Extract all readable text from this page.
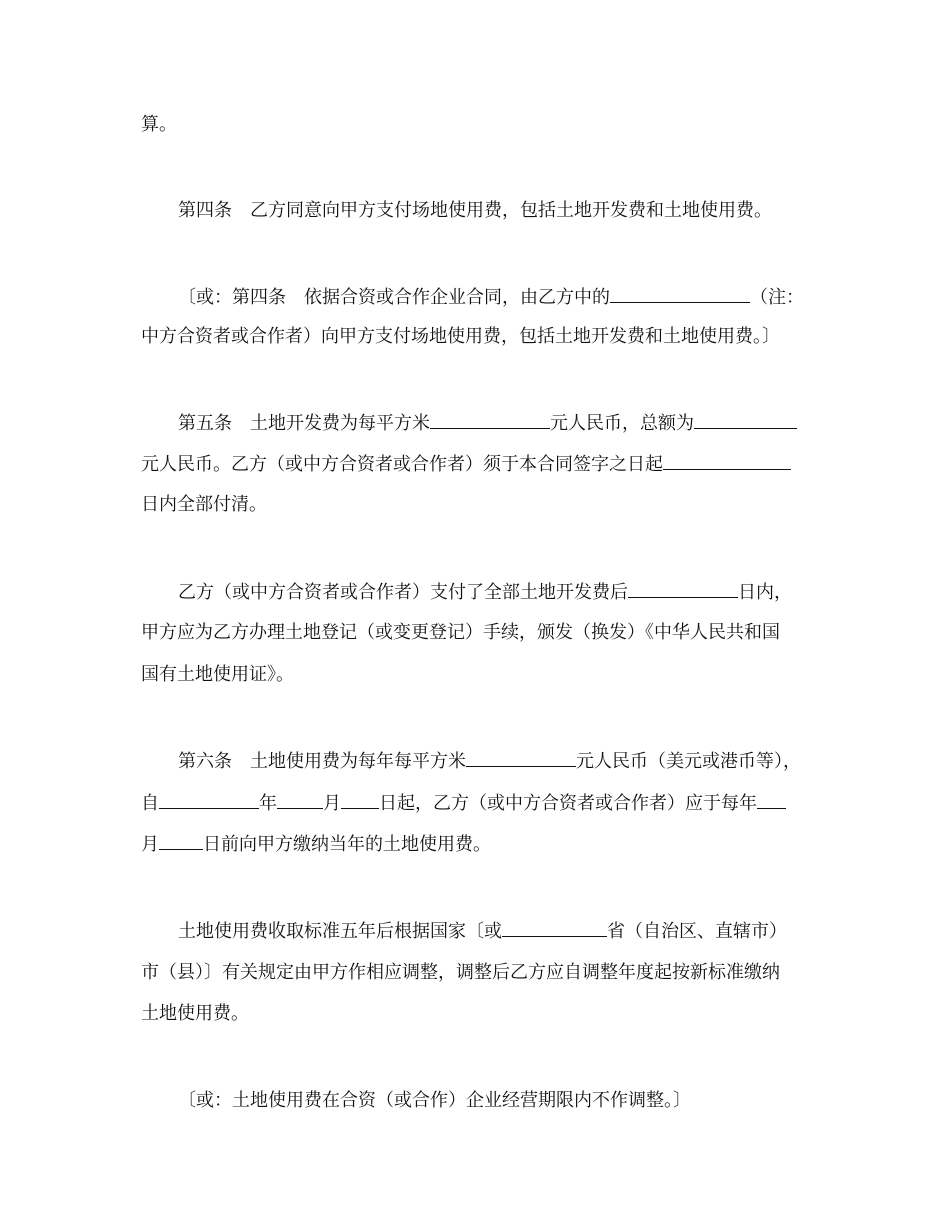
算。
第四条 乙方同意向甲方支付场地使用费，包括土地开发费和土地使用费。
〔或：第四条 依据合资或合作企业合同，由乙方中的	（注：
中方合资者或合作者）向甲方支付场地使用费，包括土地开发费和土地使用费。〕
第五条 土地开发费为每平方米	元人民币，总额为
元人民币。乙方（或中方合资者或合作者）须于本合同签字之日起
日内全部付清。
乙方（或中方合资者或合作者）支付了全部土地开发费后	日内，
甲方应为乙方办理土地登记（或变更登记）手续，颁发（换发）《中华人民共和国
国有土地使用证》。
第六条 土地使用费为每年每平方米	元人民币（美元或港币等），
自	年	月 日起，乙方（或中方合资者或合作者）应于每年
月 日前向甲方缴纳当年的土地使用费。
土地使用费收取标准五年后根据国家〔或	省（自治区、直辖市）
市（县）〕有关规定由甲方作相应调整，调整后乙方应自调整年度起按新标准缴纳
土地使用费。
〔或：土地使用费在合资（或合作）企业经营期限内不作调整。〕
